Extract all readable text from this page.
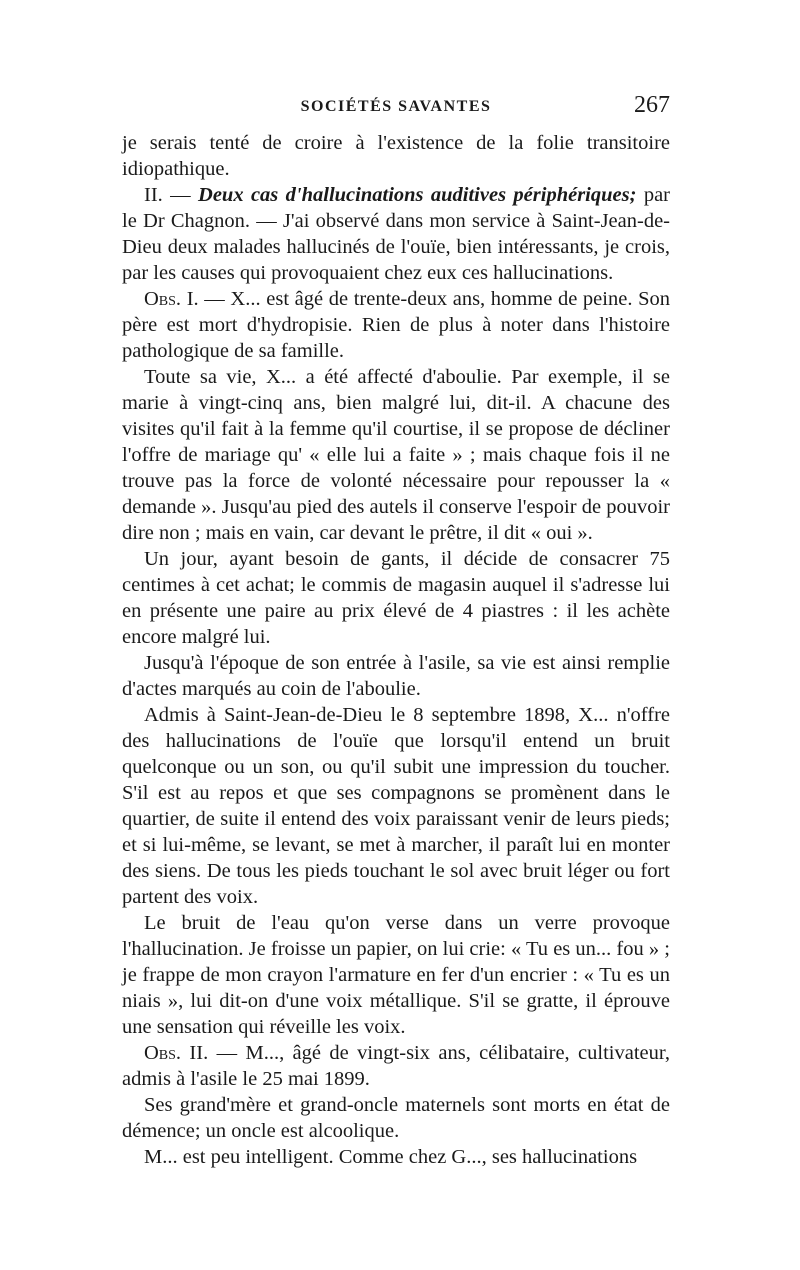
SOCIÉTÉS SAVANTES	267

je serais tenté de croire à l'existence de la folie transitoire idiopathique.

II. — Deux cas d'hallucinations auditives périphériques; par le Dr Chagnon. — J'ai observé dans mon service à Saint-Jean-de-Dieu deux malades hallucinés de l'ouïe, bien intéressants, je crois, par les causes qui provoquaient chez eux ces hallucinations.

Obs. I. — X... est âgé de trente-deux ans, homme de peine. Son père est mort d'hydropisie. Rien de plus à noter dans l'histoire pathologique de sa famille.

Toute sa vie, X... a été affecté d'aboulie. Par exemple, il se marie à vingt-cinq ans, bien malgré lui, dit-il. A chacune des visites qu'il fait à la femme qu'il courtise, il se propose de décliner l'offre de mariage qu' « elle lui a faite » ; mais chaque fois il ne trouve pas la force de volonté nécessaire pour repousser la « demande ». Jusqu'au pied des autels il conserve l'espoir de pouvoir dire non ; mais en vain, car devant le prêtre, il dit « oui ».

Un jour, ayant besoin de gants, il décide de consacrer 75 centimes à cet achat; le commis de magasin auquel il s'adresse lui en présente une paire au prix élevé de 4 piastres : il les achète encore malgré lui.

Jusqu'à l'époque de son entrée à l'asile, sa vie est ainsi remplie d'actes marqués au coin de l'aboulie.

Admis à Saint-Jean-de-Dieu le 8 septembre 1898, X... n'offre des hallucinations de l'ouïe que lorsqu'il entend un bruit quelconque ou un son, ou qu'il subit une impression du toucher. S'il est au repos et que ses compagnons se promènent dans le quartier, de suite il entend des voix paraissant venir de leurs pieds; et si lui-même, se levant, se met à marcher, il paraît lui en monter des siens. De tous les pieds touchant le sol avec bruit léger ou fort partent des voix.

Le bruit de l'eau qu'on verse dans un verre provoque l'hallucination. Je froisse un papier, on lui crie: « Tu es un... fou » ; je frappe de mon crayon l'armature en fer d'un encrier : « Tu es un niais », lui dit-on d'une voix métallique. S'il se gratte, il éprouve une sensation qui réveille les voix.

Obs. II. — M..., âgé de vingt-six ans, célibataire, cultivateur, admis à l'asile le 25 mai 1899.

Ses grand'mère et grand-oncle maternels sont morts en état de démence; un oncle est alcoolique.

M... est peu intelligent. Comme chez G..., ses hallucinations
